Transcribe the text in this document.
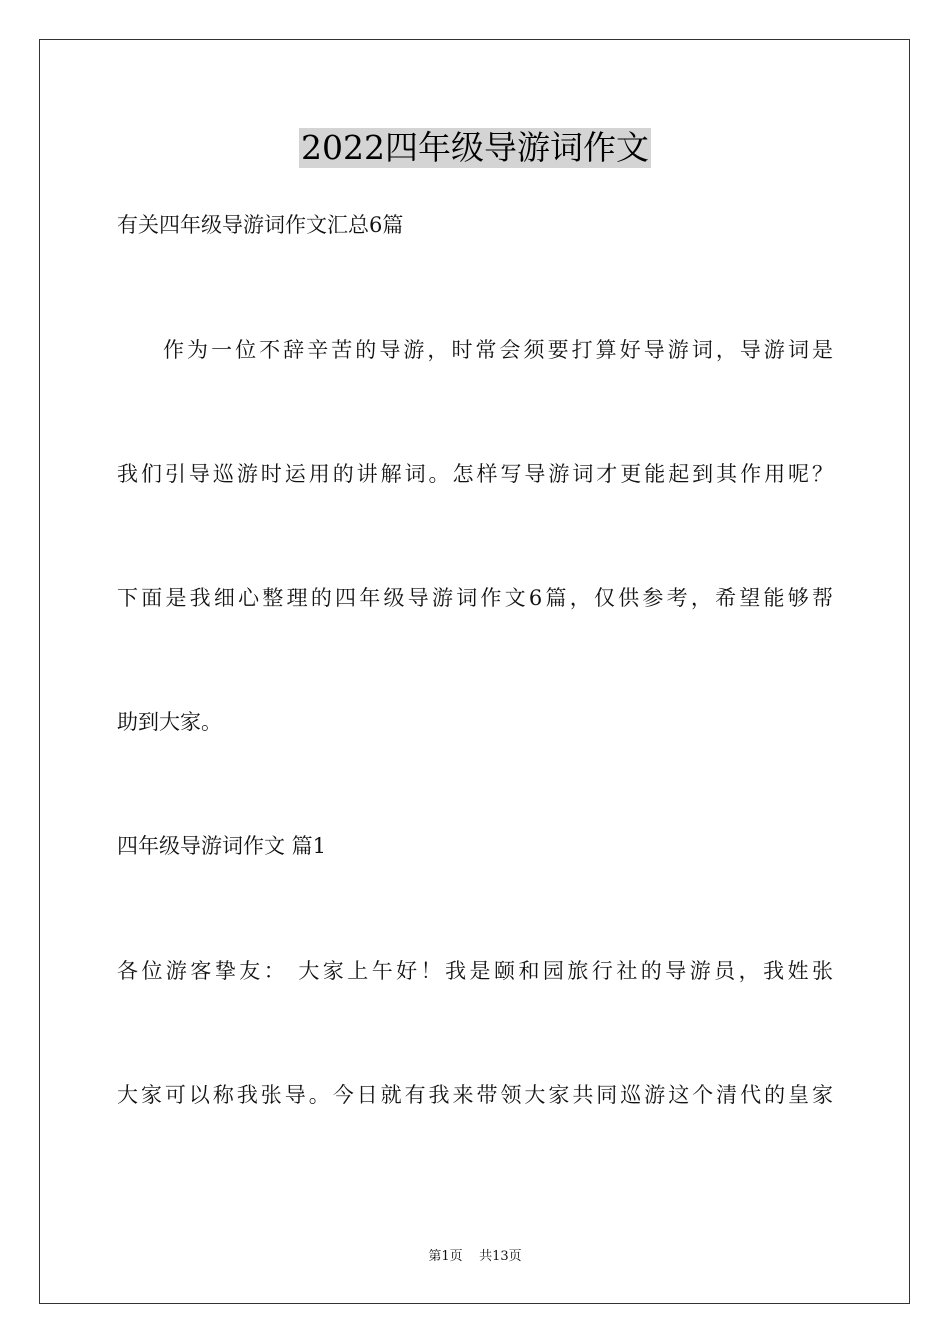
2022四年级导游词作文
有关四年级导游词作文汇总6篇
作为一位不辞辛苦的导游，时常会须要打算好导游词，导游词是
我们引导巡游时运用的讲解词。怎样写导游词才更能起到其作用呢？
下面是我细心整理的四年级导游词作文6篇，仅供参考，希望能够帮
助到大家。
四年级导游词作文 篇1
各位游客挚友： 大家上午好！我是颐和园旅行社的导游员，我姓张
大家可以称我张导。今日就有我来带领大家共同巡游这个清代的皇家
第1页    共13页
